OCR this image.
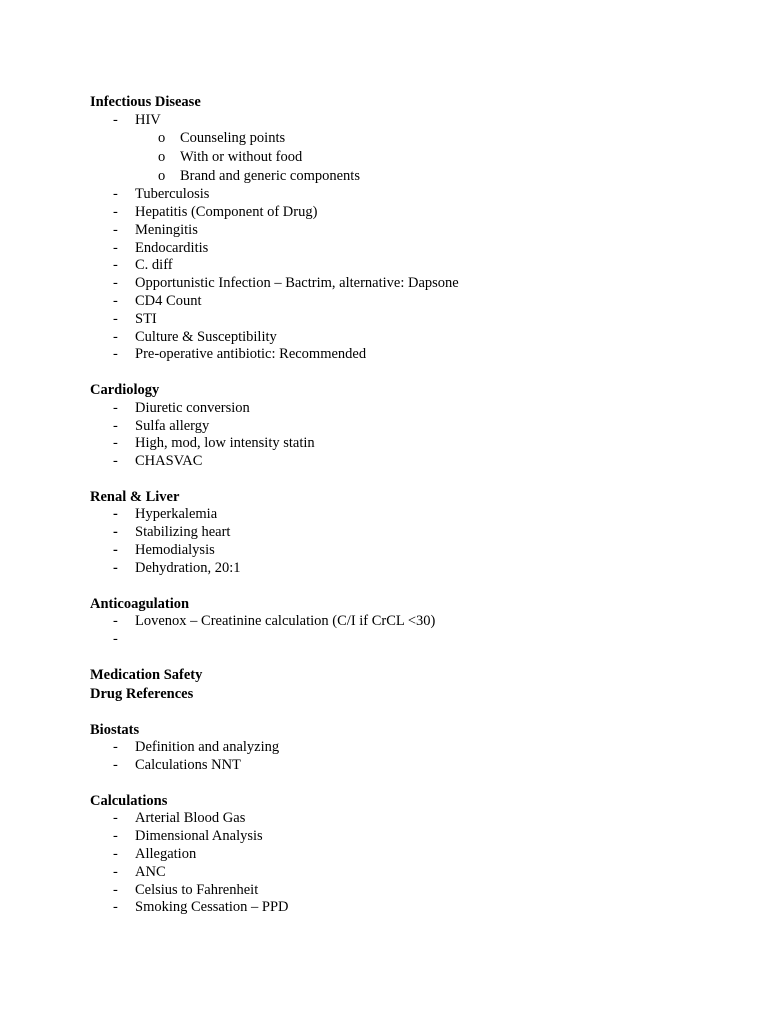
Infectious Disease
- HIV
o Counseling points
o With or without food
o Brand and generic components
- Tuberculosis
- Hepatitis (Component of Drug)
- Meningitis
- Endocarditis
- C. diff
- Opportunistic Infection – Bactrim, alternative: Dapsone
- CD4 Count
- STI
- Culture & Susceptibility
- Pre-operative antibiotic: Recommended
Cardiology
- Diuretic conversion
- Sulfa allergy
- High, mod, low intensity statin
- CHASVAC
Renal & Liver
- Hyperkalemia
- Stabilizing heart
- Hemodialysis
- Dehydration, 20:1
Anticoagulation
- Lovenox – Creatinine calculation (C/I if CrCL <30)
-
Medication Safety
Drug References
Biostats
- Definition and analyzing
- Calculations NNT
Calculations
- Arterial Blood Gas
- Dimensional Analysis
- Allegation
- ANC
- Celsius to Fahrenheit
- Smoking Cessation – PPD
